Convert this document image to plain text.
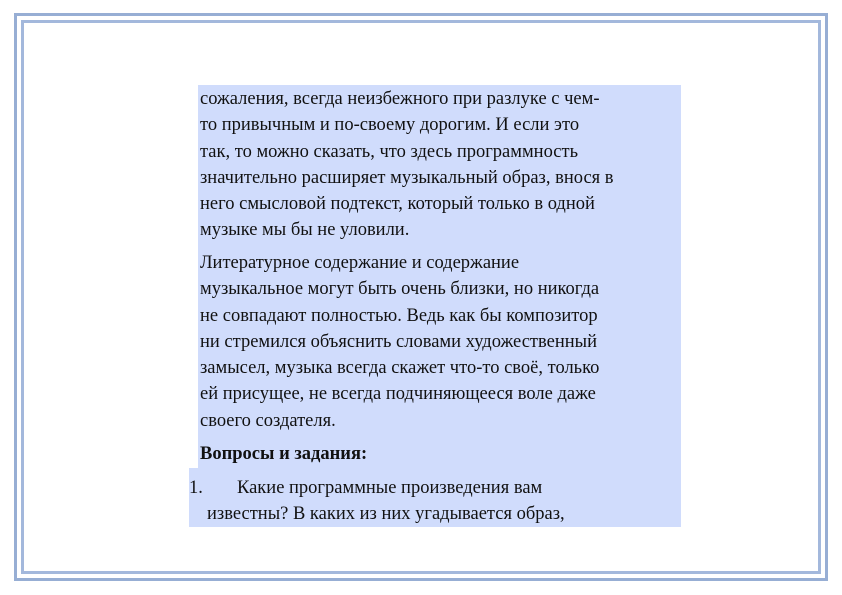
сожаления, всегда неизбежного при разлуке с чем-
то привычным и по-своему дорогим. И если это
так, то можно сказать, что здесь программность
значительно расширяет музыкальный образ, внося в
него смысловой подтекст, который только в одной
музыке мы бы не уловили.

Литературное содержание и содержание
музыкальное могут быть очень близки, но никогда
не совпадают полностью. Ведь как бы композитор
ни стремился объяснить словами художественный
замысел, музыка всегда скажет что-то своё, только
ей присущее, не всегда подчиняющееся воле даже
своего создателя.

Вопросы и задания:
1. Какие программные произведения вам
известны? В каких из них угадывается образ,
